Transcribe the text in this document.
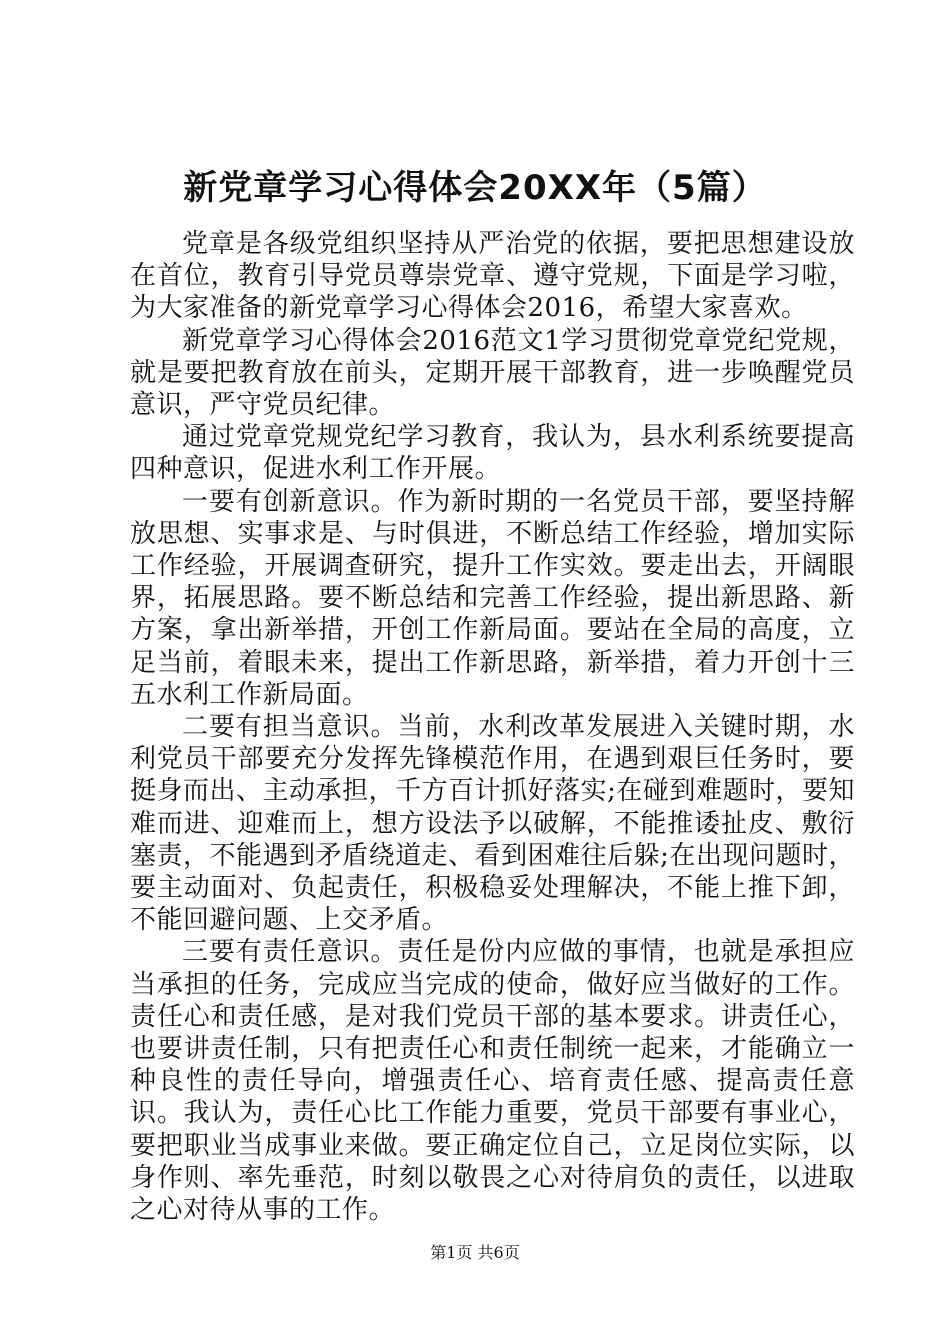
新党章学习心得体会20XX年（5篇）

党章是各级党组织坚持从严治党的依据，要把思想建设放在首位，教育引导党员尊崇党章、遵守党规，下面是学习啦，为大家准备的新党章学习心得体会2016，希望大家喜欢。

新党章学习心得体会2016范文1学习贯彻党章党纪党规，就是要把教育放在前头，定期开展干部教育，进一步唤醒党员意识，严守党员纪律。

通过党章党规党纪学习教育，我认为，县水利系统要提高四种意识，促进水利工作开展。

一要有创新意识。作为新时期的一名党员干部，要坚持解放思想、实事求是、与时俱进，不断总结工作经验，增加实际工作经验，开展调查研究，提升工作实效。要走出去，开阔眼界，拓展思路。要不断总结和完善工作经验，提出新思路、新方案，拿出新举措，开创工作新局面。要站在全局的高度，立足当前，着眼未来，提出工作新思路，新举措，着力开创十三五水利工作新局面。

二要有担当意识。当前，水利改革发展进入关键时期，水利党员干部要充分发挥先锋模范作用，在遇到艰巨任务时，要挺身而出、主动承担，千方百计抓好落实;在碰到难题时，要知难而进、迎难而上，想方设法予以破解，不能推诿扯皮、敷衍塞责，不能遇到矛盾绕道走、看到困难往后躲;在出现问题时，要主动面对、负起责任，积极稳妥处理解决，不能上推下卸，不能回避问题、上交矛盾。

三要有责任意识。责任是份内应做的事情，也就是承担应当承担的任务，完成应当完成的使命，做好应当做好的工作。责任心和责任感，是对我们党员干部的基本要求。讲责任心，也要讲责任制，只有把责任心和责任制统一起来，才能确立一种良性的责任导向，增强责任心、培育责任感、提高责任意识。我认为，责任心比工作能力重要，党员干部要有事业心，要把职业当成事业来做。要正确定位自己，立足岗位实际，以身作则、率先垂范，时刻以敬畏之心对待肩负的责任，以进取之心对待从事的工作。

第1页 共6页
